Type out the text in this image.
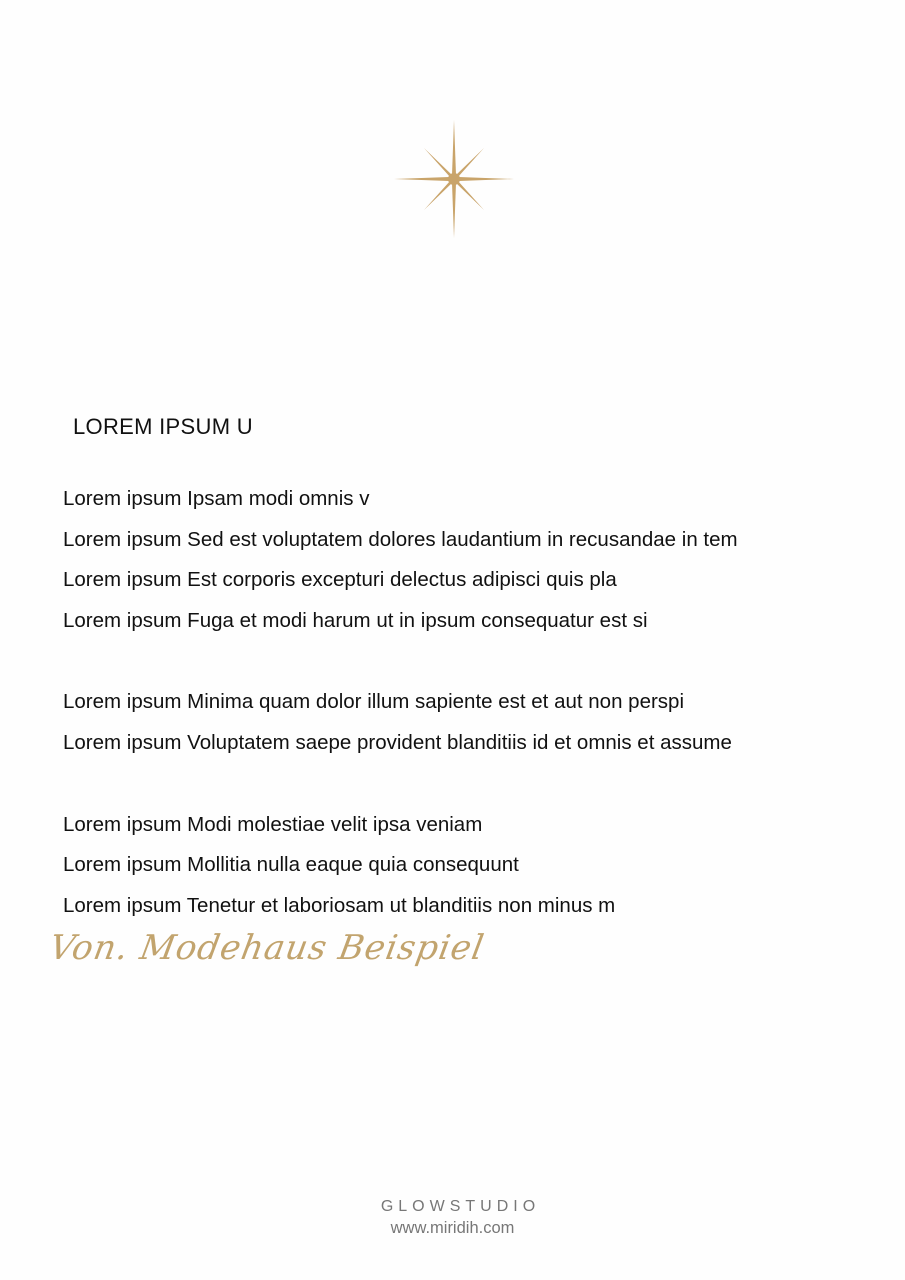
LOREM IPSUM U
Lorem ipsum Ipsam modi omnis v
Lorem ipsum Sed est voluptatem dolores laudantium in recusandae in tem
Lorem ipsum Est corporis excepturi delectus adipisci quis pla
Lorem ipsum Fuga et modi harum ut in ipsum consequatur est si
Lorem ipsum Minima quam dolor illum sapiente est et aut non perspi
Lorem ipsum Voluptatem saepe provident blanditiis id et omnis et assume
Lorem ipsum Modi molestiae velit ipsa veniam
Lorem ipsum Mollitia nulla eaque quia consequunt
Lorem ipsum Tenetur et laboriosam ut blanditiis non minus m
Von. Modehaus Beispiel
GLOWSTUDIO
www.miridih.com
